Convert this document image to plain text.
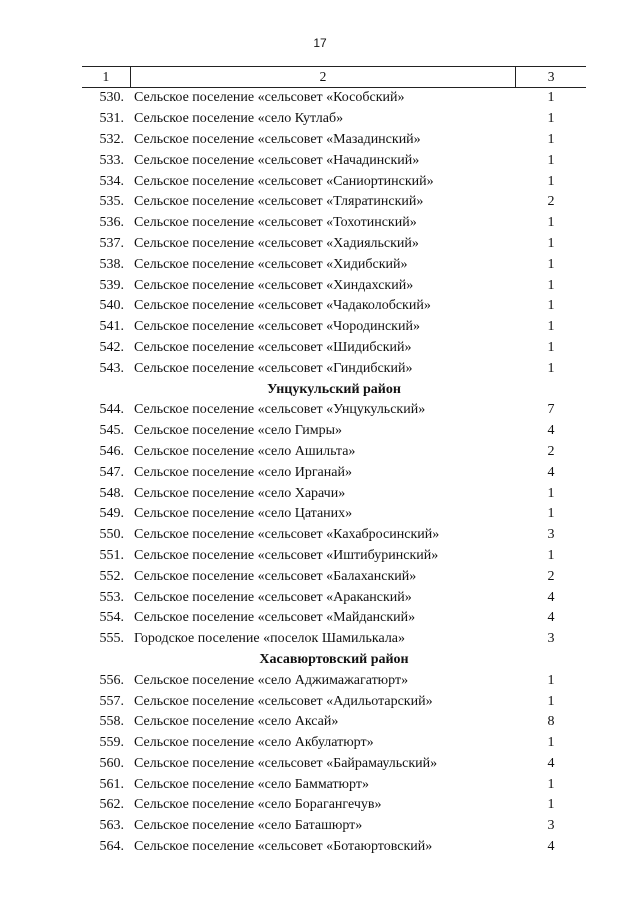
17
1	2	3
530. Сельское поселение «сельсовет «Кособский»	1
531. Сельское поселение «село Кутлаб»	1
532. Сельское поселение «сельсовет «Мазадинский»	1
533. Сельское поселение «сельсовет «Начадинский»	1
534. Сельское поселение «сельсовет «Саниортинский»	1
535. Сельское поселение «сельсовет «Тляратинский»	2
536. Сельское поселение «сельсовет «Тохотинский»	1
537. Сельское поселение «сельсовет «Хадияльский»	1
538. Сельское поселение «сельсовет «Хидибский»	1
539. Сельское поселение «сельсовет «Хиндахский»	1
540. Сельское поселение «сельсовет «Чадаколобский»	1
541. Сельское поселение «сельсовет «Чородинский»	1
542. Сельское поселение «сельсовет «Шидибский»	1
543. Сельское поселение «сельсовет «Гиндибский»	1
Унцукульский район
544. Сельское поселение «сельсовет «Унцукульский»	7
545. Сельское поселение «село Гимры»	4
546. Сельское поселение «село Ашильта»	2
547. Сельское поселение «село Ирганай»	4
548. Сельское поселение «село Харачи»	1
549. Сельское поселение «село Цатаних»	1
550. Сельское поселение «сельсовет «Кахабросинский»	3
551. Сельское поселение «сельсовет «Иштибуринский»	1
552. Сельское поселение «сельсовет «Балаханский»	2
553. Сельское поселение «сельсовет «Араканский»	4
554. Сельское поселение «сельсовет «Майданский»	4
555. Городское поселение «поселок Шамилькала»	3
Хасавюртовский район
556. Сельское поселение «село Аджимажагатюрт»	1
557. Сельское поселение «сельсовет «Адильотарский»	1
558. Сельское поселение «село Аксай»	8
559. Сельское поселение «село Акбулатюрт»	1
560. Сельское поселение «сельсовет «Байрамаульский»	4
561. Сельское поселение «село Бамматюрт»	1
562. Сельское поселение «село Борагангечув»	1
563. Сельское поселение «село Баташюрт»	3
564. Сельское поселение «сельсовет «Ботаюртовский»	4
